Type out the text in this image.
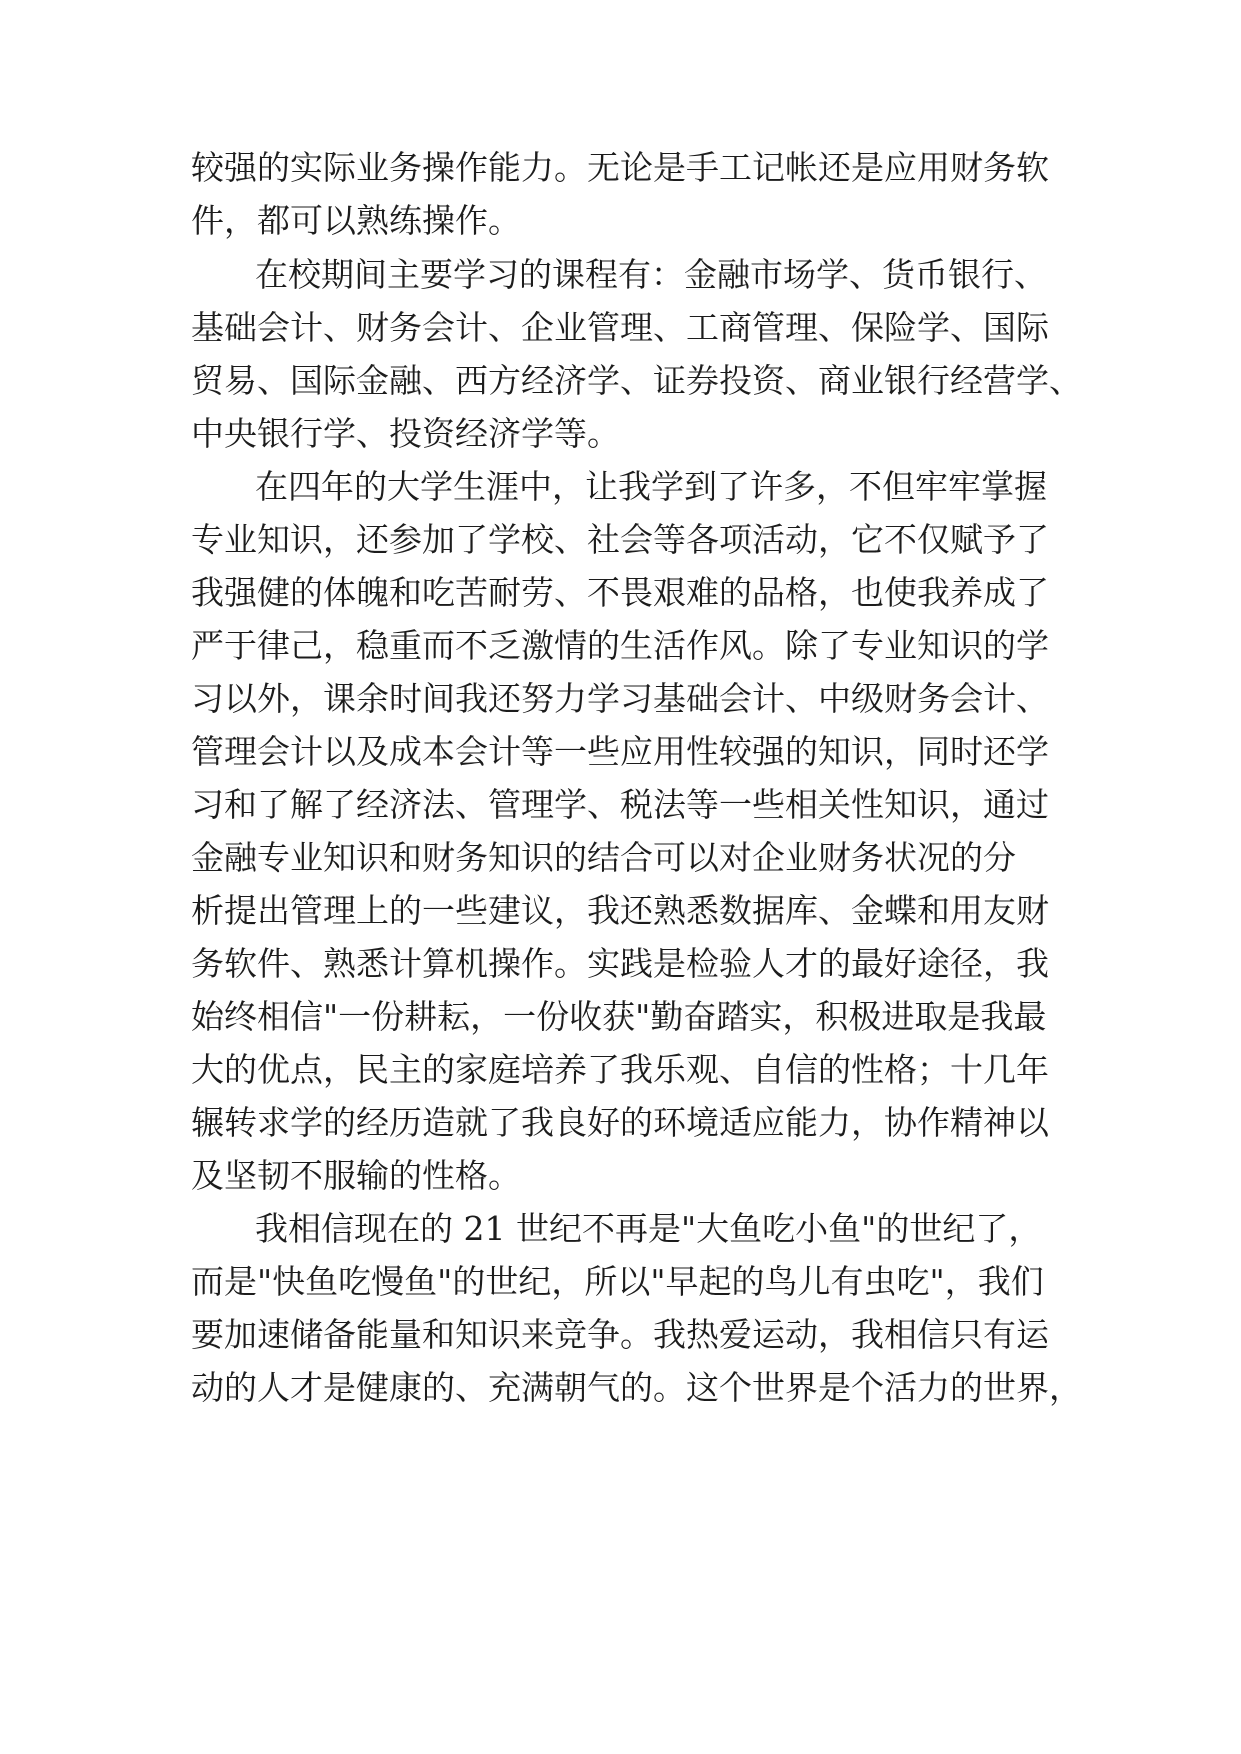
较强的实际业务操作能力。无论是手工记帐还是应用财务软
件，都可以熟练操作。
在校期间主要学习的课程有：金融市场学、货币银行、
基础会计、财务会计、企业管理、工商管理、保险学、国际
贸易、国际金融、西方经济学、证券投资、商业银行经营学、
中央银行学、投资经济学等。
在四年的大学生涯中，让我学到了许多，不但牢牢掌握
专业知识，还参加了学校、社会等各项活动，它不仅赋予了
我强健的体魄和吃苦耐劳、不畏艰难的品格，也使我养成了
严于律己，稳重而不乏激情的生活作风。除了专业知识的学
习以外，课余时间我还努力学习基础会计、中级财务会计、
管理会计以及成本会计等一些应用性较强的知识，同时还学
习和了解了经济法、管理学、税法等一些相关性知识，通过
金融专业知识和财务知识的结合可以对企业财务状况的分
析提出管理上的一些建议，我还熟悉数据库、金蝶和用友财
务软件、熟悉计算机操作。实践是检验人才的最好途径，我
始终相信"一份耕耘，一份收获"勤奋踏实，积极进取是我最
大的优点，民主的家庭培养了我乐观、自信的性格；十几年
辗转求学的经历造就了我良好的环境适应能力，协作精神以
及坚韧不服输的性格。
我相信现在的 21 世纪不再是"大鱼吃小鱼"的世纪了，
而是"快鱼吃慢鱼"的世纪，所以"早起的鸟儿有虫吃"，我们
要加速储备能量和知识来竞争。我热爱运动，我相信只有运
动的人才是健康的、充满朝气的。这个世界是个活力的世界，
